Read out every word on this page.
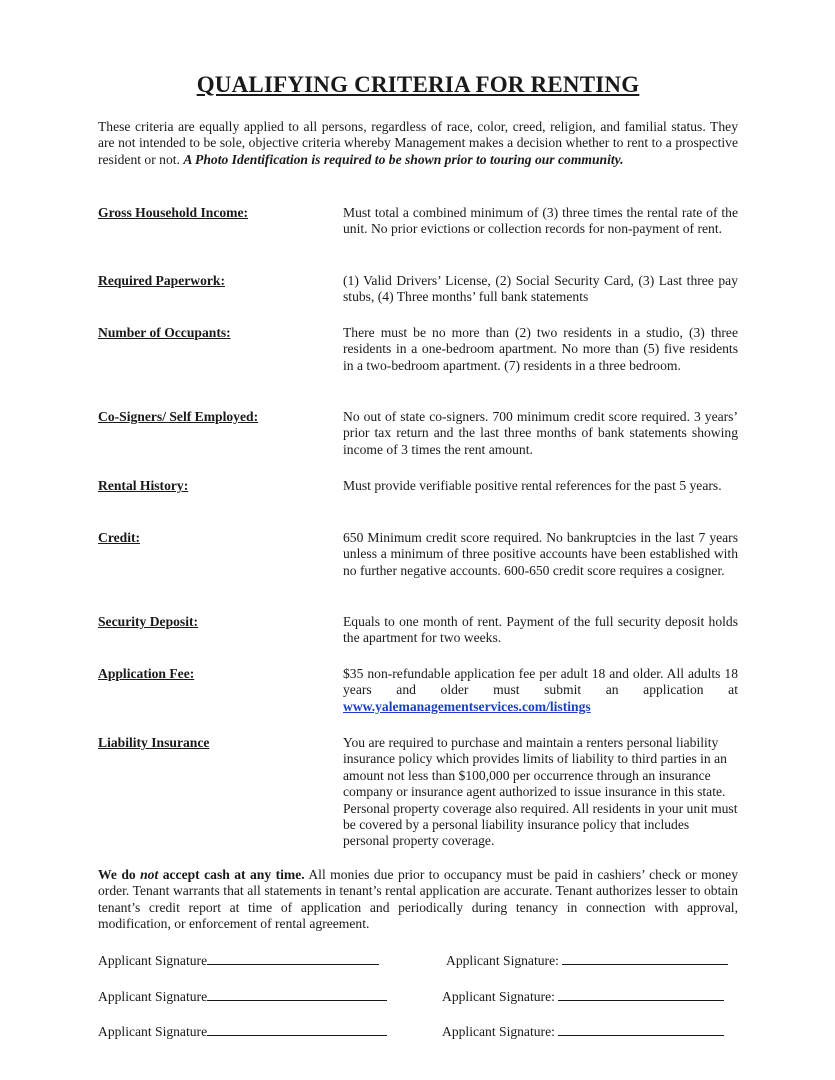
QUALIFYING CRITERIA FOR RENTING

These criteria are equally applied to all persons, regardless of race, color, creed, religion, and familial status. They are not intended to be sole, objective criteria whereby Management makes a decision whether to rent to a prospective resident or not. A Photo Identification is required to be shown prior to touring our community.

Gross Household Income:	Must total a combined minimum of (3) three times the rental rate of the unit. No prior evictions or collection records for non-payment of rent.
Required Paperwork:	(1) Valid Drivers’ License, (2) Social Security Card, (3) Last three pay stubs, (4) Three months’ full bank statements
Number of Occupants:	There must be no more than (2) two residents in a studio, (3) three residents in a one-bedroom apartment. No more than (5) five residents in a two-bedroom apartment. (7) residents in a three bedroom.
Co-Signers/ Self Employed:	No out of state co-signers. 700 minimum credit score required. 3 years’ prior tax return and the last three months of bank statements showing income of 3 times the rent amount.
Rental History:	Must provide verifiable positive rental references for the past 5 years.
Credit:	650 Minimum credit score required. No bankruptcies in the last 7 years unless a minimum of three positive accounts have been established with no further negative accounts. 600-650 credit score requires a cosigner.
Security Deposit:	Equals to one month of rent. Payment of the full security deposit holds the apartment for two weeks.
Application Fee:	$35 non-refundable application fee per adult 18 and older. All adults 18 years and older must submit an application at www.yalemanagementservices.com/listings
Liability Insurance	You are required to purchase and maintain a renters personal liability insurance policy which provides limits of liability to third parties in an amount not less than $100,000 per occurrence through an insurance company or insurance agent authorized to issue insurance in this state. Personal property coverage also required. All residents in your unit must be covered by a personal liability insurance policy that includes personal property coverage.

We do not accept cash at any time. All monies due prior to occupancy must be paid in cashiers’ check or money order. Tenant warrants that all statements in tenant’s rental application are accurate. Tenant authorizes lesser to obtain tenant’s credit report at time of application and periodically during tenancy in connection with approval, modification, or enforcement of rental agreement.

Applicant Signature
Applicant Signature
Applicant Signature
Applicant Signature:
Applicant Signature:
Applicant Signature:
